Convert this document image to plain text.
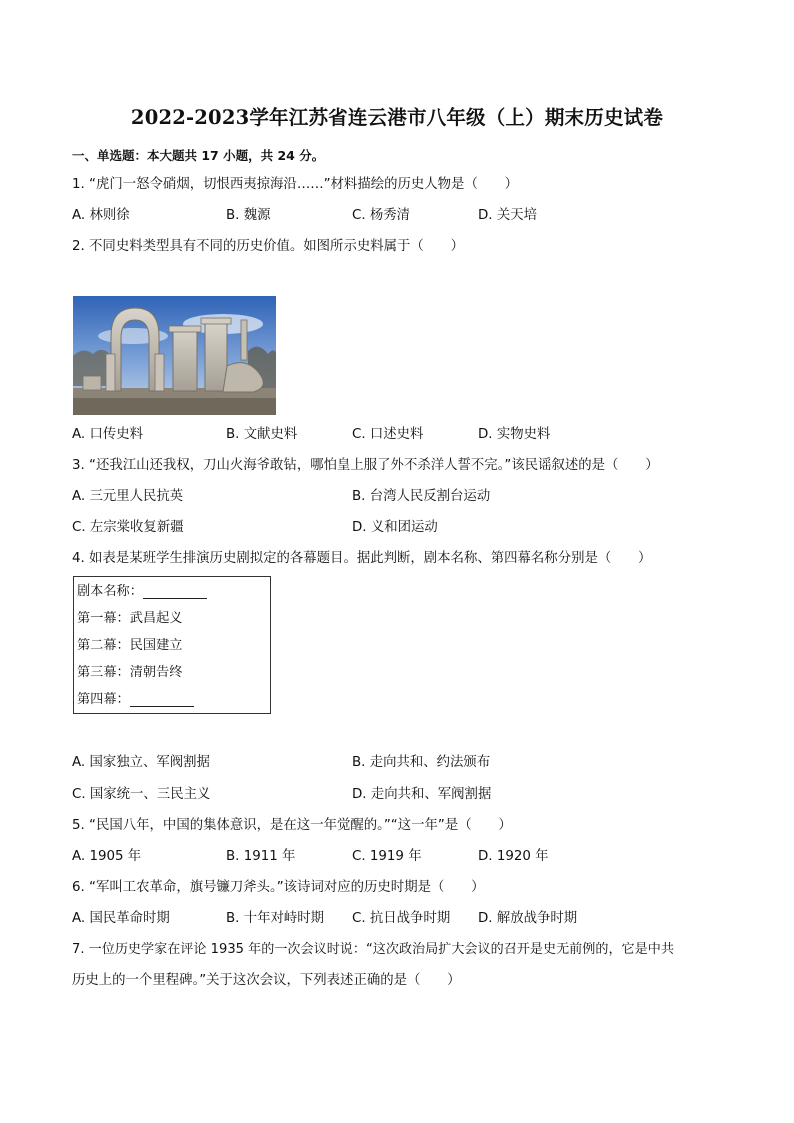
2022-2023学年江苏省连云港市八年级（上）期末历史试卷
一、单选题：本大题共 17 小题，共 24 分。
1. “虎门一怒令硝烟，切恨西夷掠海沿……”材料描绘的历史人物是（　　）
A. 林则徐	B. 魏源	C. 杨秀清	D. 关天培
2. 不同史料类型具有不同的历史价值。如图所示史料属于（　　）
A. 口传史料	B. 文献史料	C. 口述史料	D. 实物史料
3. “还我江山还我权，刀山火海爷敢钻，哪怕皇上服了外不杀洋人誓不完。”该民谣叙述的是（　　）
A. 三元里人民抗英	B. 台湾人民反割台运动
C. 左宗棠收复新疆	D. 义和团运动
4. 如表是某班学生排演历史剧拟定的各幕题目。据此判断，剧本名称、第四幕名称分别是（　　）
剧本名称：
第一幕：武昌起义
第二幕：民国建立
第三幕：清朝告终
第四幕：
A. 国家独立、军阀割据	B. 走向共和、约法颁布
C. 国家统一、三民主义	D. 走向共和、军阀割据
5. “民国八年，中国的集体意识，是在这一年觉醒的。”“这一年”是（　　）
A. 1905 年	B. 1911 年	C. 1919 年	D. 1920 年
6. “军叫工农革命，旗号镰刀斧头。”该诗词对应的历史时期是（　　）
A. 国民革命时期	B. 十年对峙时期 C. 抗日战争时期 D. 解放战争时期
7. 一位历史学家在评论 1935 年的一次会议时说：“这次政治局扩大会议的召开是史无前例的，它是中共
历史上的一个里程碑。”关于这次会议，下列表述正确的是（　　）
